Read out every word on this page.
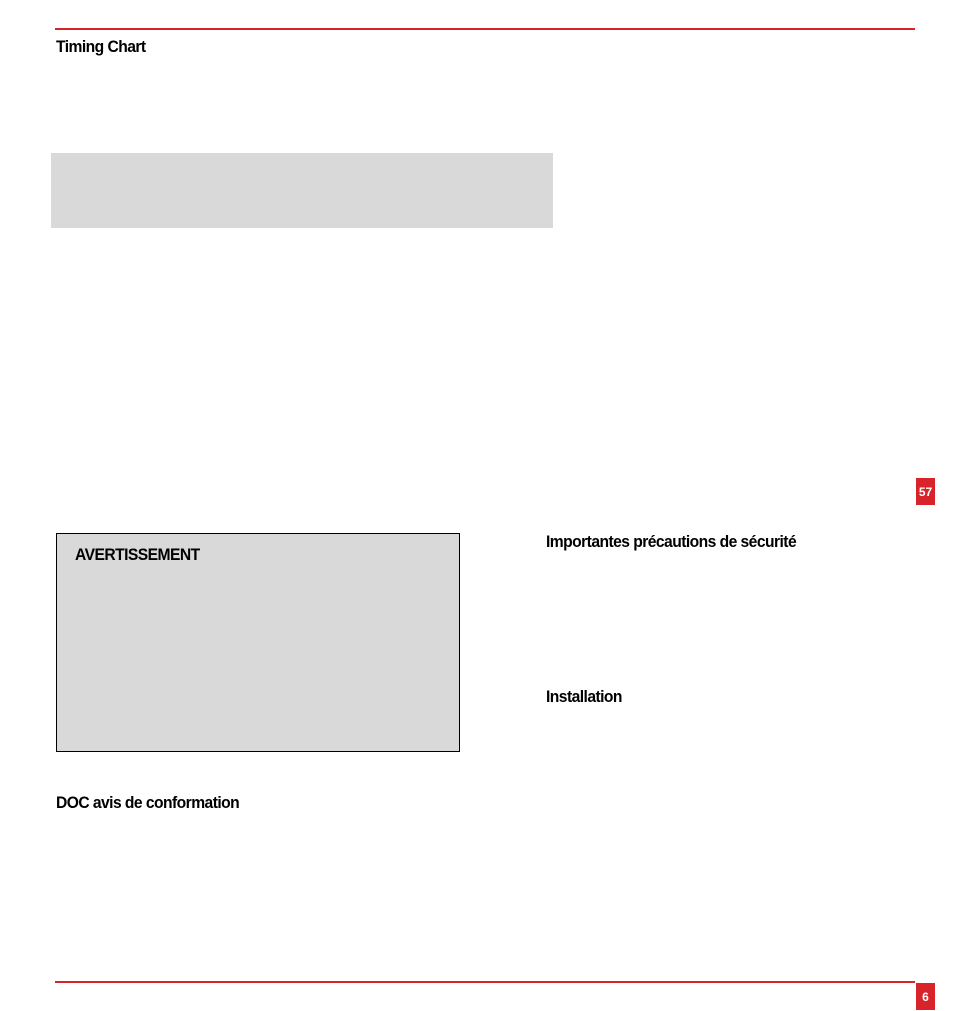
Timing Chart
57
AVERTISSEMENT
Importantes précautions de sécurité
Installation
DOC avis de conformation
6
